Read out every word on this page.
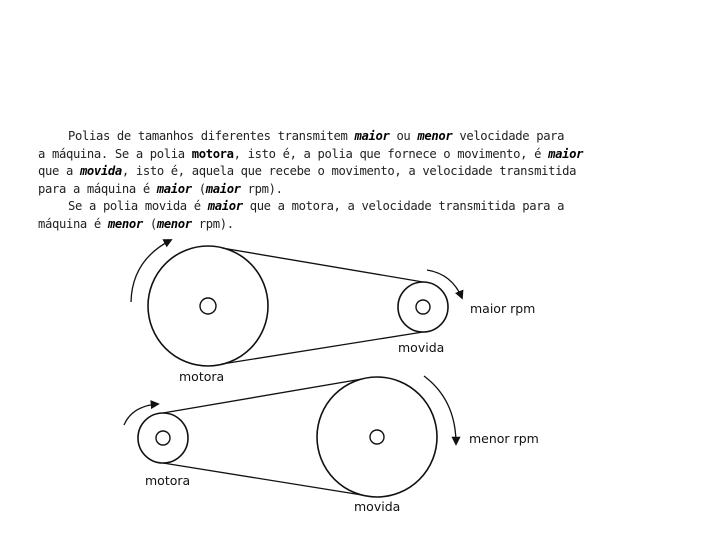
Polias de tamanhos diferentes transmitem maior ou menor velocidade para
a máquina. Se a polia motora, isto é, a polia que fornece o movimento, é maior
que a movida, isto é, aquela que recebe o movimento, a velocidade transmitida
para a máquina é maior (maior rpm).
Se a polia movida é maior que a motora, a velocidade transmitida para a
máquina é menor (menor rpm).
motora
movida
maior rpm
motora
movida
menor rpm
